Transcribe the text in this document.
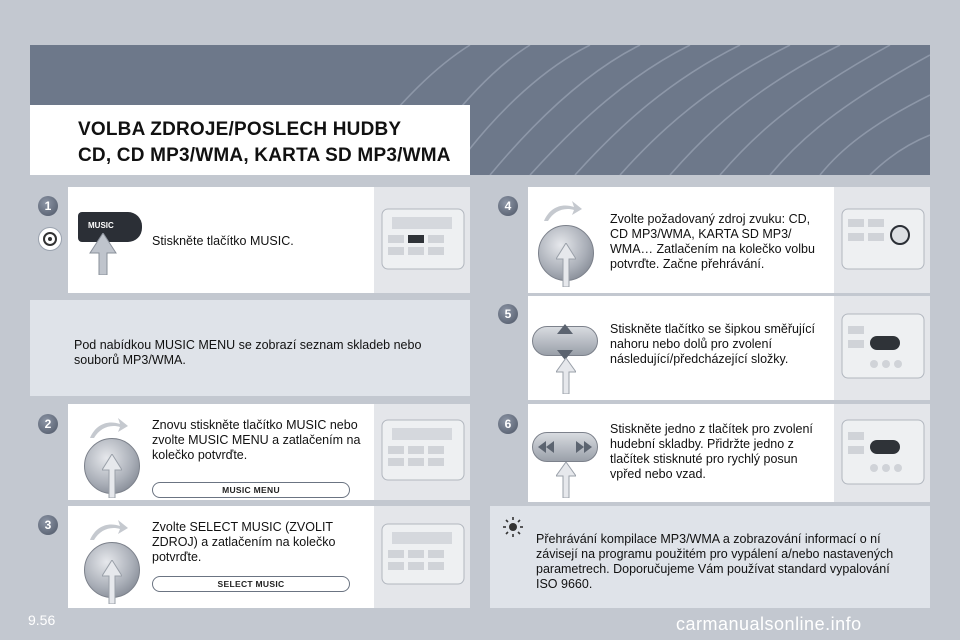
VOLBA ZDROJE/POSLECH HUDBY
CD, CD MP3/WMA, KARTA SD MP3/WMA
1
MUSIC
Stiskněte tlačítko MUSIC.
Pod nabídkou MUSIC MENU se zobrazí seznam skladeb nebo souborů MP3/WMA.
2	Znovu stiskněte tlačítko MUSIC nebo zvolte MUSIC MENU a zatlačením na kolečko potvrďte.
MUSIC MENU
3	Zvolte SELECT MUSIC (ZVOLIT ZDROJ) a zatlačením na kolečko potvrďte.
SELECT MUSIC
4
Zvolte požadovaný zdroj zvuku: CD, CD MP3/WMA, KARTA SD MP3/ WMA… Zatlačením na kolečko volbu potvrďte. Začne přehrávání.
5
Stiskněte tlačítko se šipkou směřující nahoru nebo dolů pro zvolení následující/předcházející složky.
6	Stiskněte jedno z tlačítek pro zvolení hudební skladby. Přidržte jedno z tlačítek stisknuté pro rychlý posun vpřed nebo vzad.
Přehrávání kompilace MP3/WMA a zobrazování informací o ní závisejí na programu použitém pro vypálení a/nebo nastavených parametrech. Doporučujeme Vám používat standard vypalování ISO 9660.
9.56	carmanualsonline.info
